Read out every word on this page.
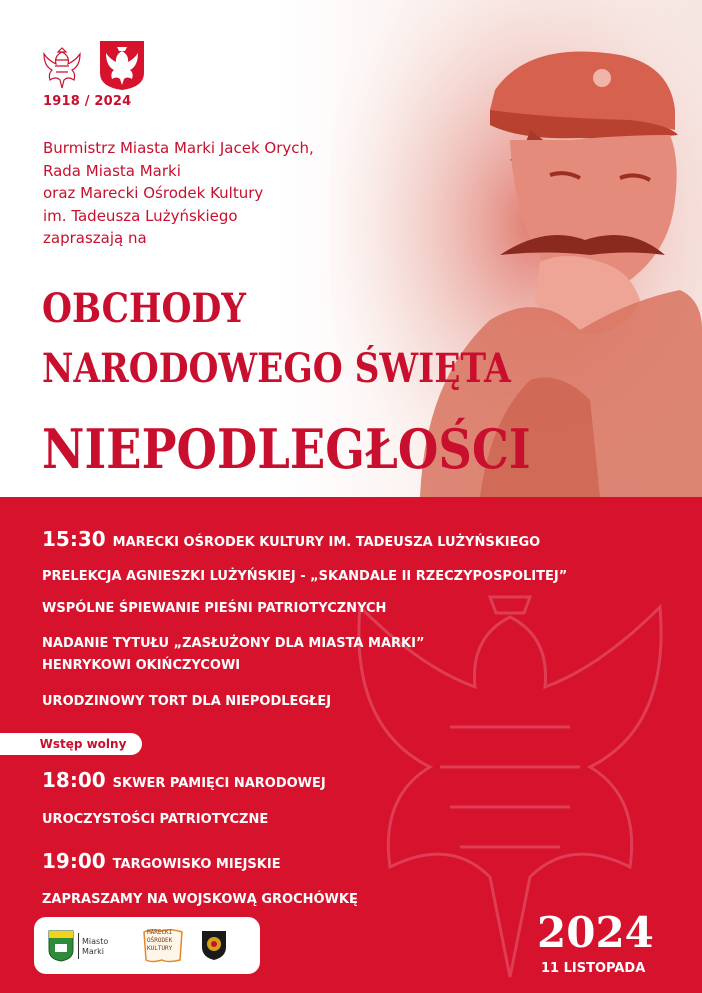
1918 / 2024
Burmistrz Miasta Marki Jacek Orych,
Rada Miasta Marki
oraz Marecki Ośrodek Kultury
im. Tadeusza Lużyńskiego
zapraszają na
OBCHODY
NARODOWEGO ŚWIĘTA
NIEPODLEGŁOŚCI
15:30 MARECKI OŚRODEK KULTURY IM. TADEUSZA LUŻYŃSKIEGO
PRELEKCJA AGNIESZKI LUŻYŃSKIEJ - „SKANDALE II RZECZYPOSPOLITEJ”
WSPÓLNE ŚPIEWANIE PIEŚNI PATRIOTYCZNYCH
NADANIE TYTUŁU „ZASŁUŻONY DLA MIASTA MARKI”
HENRYKOWI OKIŃCZYCOWI
URODZINOWY TORT DLA NIEPODLEGŁEJ
Wstęp wolny
18:00 SKWER PAMIĘCI NARODOWEJ
UROCZYSTOŚCI PATRIOTYCZNE
19:00 TARGOWISKO MIEJSKIE
ZAPRASZAMY NA WOJSKOWĄ GROCHÓWKĘ
Miasto
Marki
MARECKI
OŚRODEK
KULTURY	2024
11 LISTOPADA
